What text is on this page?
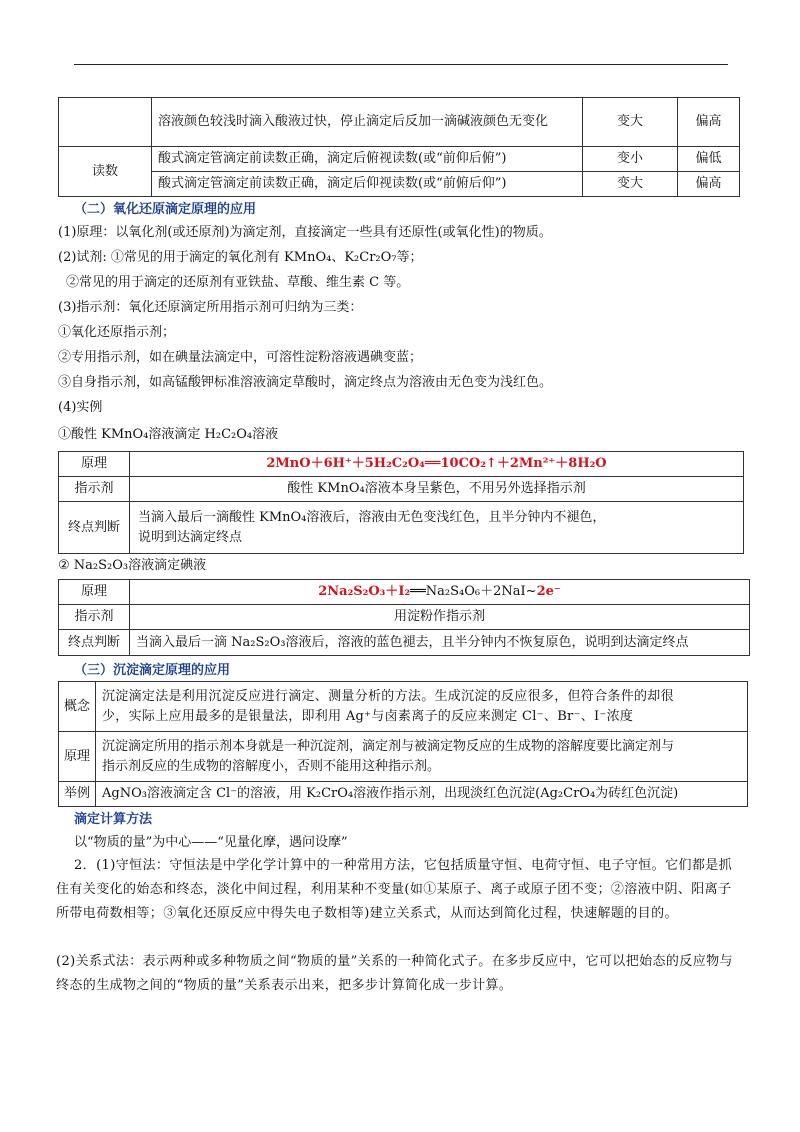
	溶液颜色较浅时滴入酸液过快，停止滴定后反加一滴碱液颜色无变化	变大	偏高
读数	酸式滴定管滴定前读数正确，滴定后俯视读数(或“前仰后俯”)	变小	偏低
	酸式滴定管滴定前读数正确，滴定后仰视读数(或“前俯后仰”)	变大	偏高
（二）氧化还原滴定原理的应用
(1)原理：以氧化剂(或还原剂)为滴定剂，直接滴定一些具有还原性(或氧化性)的物质。
(2)试剂: ①常见的用于滴定的氧化剂有 KMnO₄、K₂Cr₂O₇等；
②常见的用于滴定的还原剂有亚铁盐、草酸、维生素 C 等。
(3)指示剂：氧化还原滴定所用指示剂可归纳为三类：
①氧化还原指示剂；
②专用指示剂，如在碘量法滴定中，可溶性淀粉溶液遇碘变蓝；
③自身指示剂，如高锰酸钾标准溶液滴定草酸时，滴定终点为溶液由无色变为浅红色。
(4)实例
①酸性 KMnO₄溶液滴定 H₂C₂O₄溶液
原理	2MnO＋6H⁺＋5H₂C₂O₄══10CO₂↑＋2Mn²⁺＋8H₂O
指示剂	酸性 KMnO₄溶液本身呈紫色，不用另外选择指示剂
终点判断	当滴入最后一滴酸性 KMnO₄溶液后，溶液由无色变浅红色，且半分钟内不褪色，
说明到达滴定终点
② Na₂S₂O₃溶液滴定碘液
原理	2Na₂S₂O₃＋I₂══Na₂S₄O₆＋2NaI~2e⁻
指示剂	用淀粉作指示剂
终点判断	当滴入最后一滴 Na₂S₂O₃溶液后，溶液的蓝色褪去，且半分钟内不恢复原色，说明到达滴定终点
（三）沉淀滴定原理的应用
概念	沉淀滴定法是利用沉淀反应进行滴定、测量分析的方法。生成沉淀的反应很多，但符合条件的却很
少，实际上应用最多的是银量法，即利用 Ag⁺与卤素离子的反应来测定 Cl⁻、Br⁻、I⁻浓度

原理	沉淀滴定所用的指示剂本身就是一种沉淀剂，滴定剂与被滴定物反应的生成物的溶解度要比滴定剂与
指示剂反应的生成物的溶解度小，否则不能用这种指示剂。

举例	AgNO₃溶液滴定含 Cl⁻的溶液，用 K₂CrO₄溶液作指示剂，出现淡红色沉淀(Ag₂CrO₄为砖红色沉淀)
滴定计算方法
以“物质的量”为中心——“见量化摩，遇问设摩”
2．(1)守恒法：守恒法是中学化学计算中的一种常用方法，它包括质量守恒、电荷守恒、电子守恒。它们都是抓住有关变化的始态和终态，淡化中间过程，利用某种不变量(如①某原子、离子或原子团不变；②溶液中阴、阳离子所带电荷数相等；③氧化还原反应中得失电子数相等)建立关系式，从而达到简化过程，快速解题的目的。
(2)关系式法：表示两种或多种物质之间“物质的量”关系的一种简化式子。在多步反应中，它可以把始态的反应物与终态的生成物之间的“物质的量”关系表示出来，把多步计算简化成一步计算。
